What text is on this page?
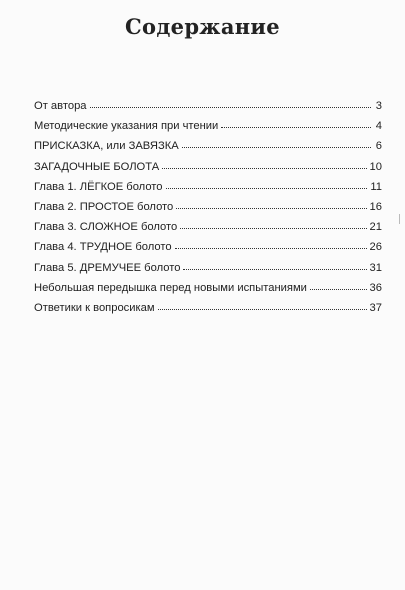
Содержание
От автора	3
Методические указания при чтении	4
ПРИСКАЗКА, или ЗАВЯЗКА	6
ЗАГАДОЧНЫЕ БОЛОТА	10
Глава 1. ЛЁГКОЕ болото	11
Глава 2. ПРОСТОЕ болото	16
Глава 3. СЛОЖНОЕ болото	21
Глава 4. ТРУДНОЕ болото	26
Глава 5. ДРЕМУЧЕЕ болото	31
Небольшая передышка перед новыми испытаниями	36
Ответики к вопросикам	37
